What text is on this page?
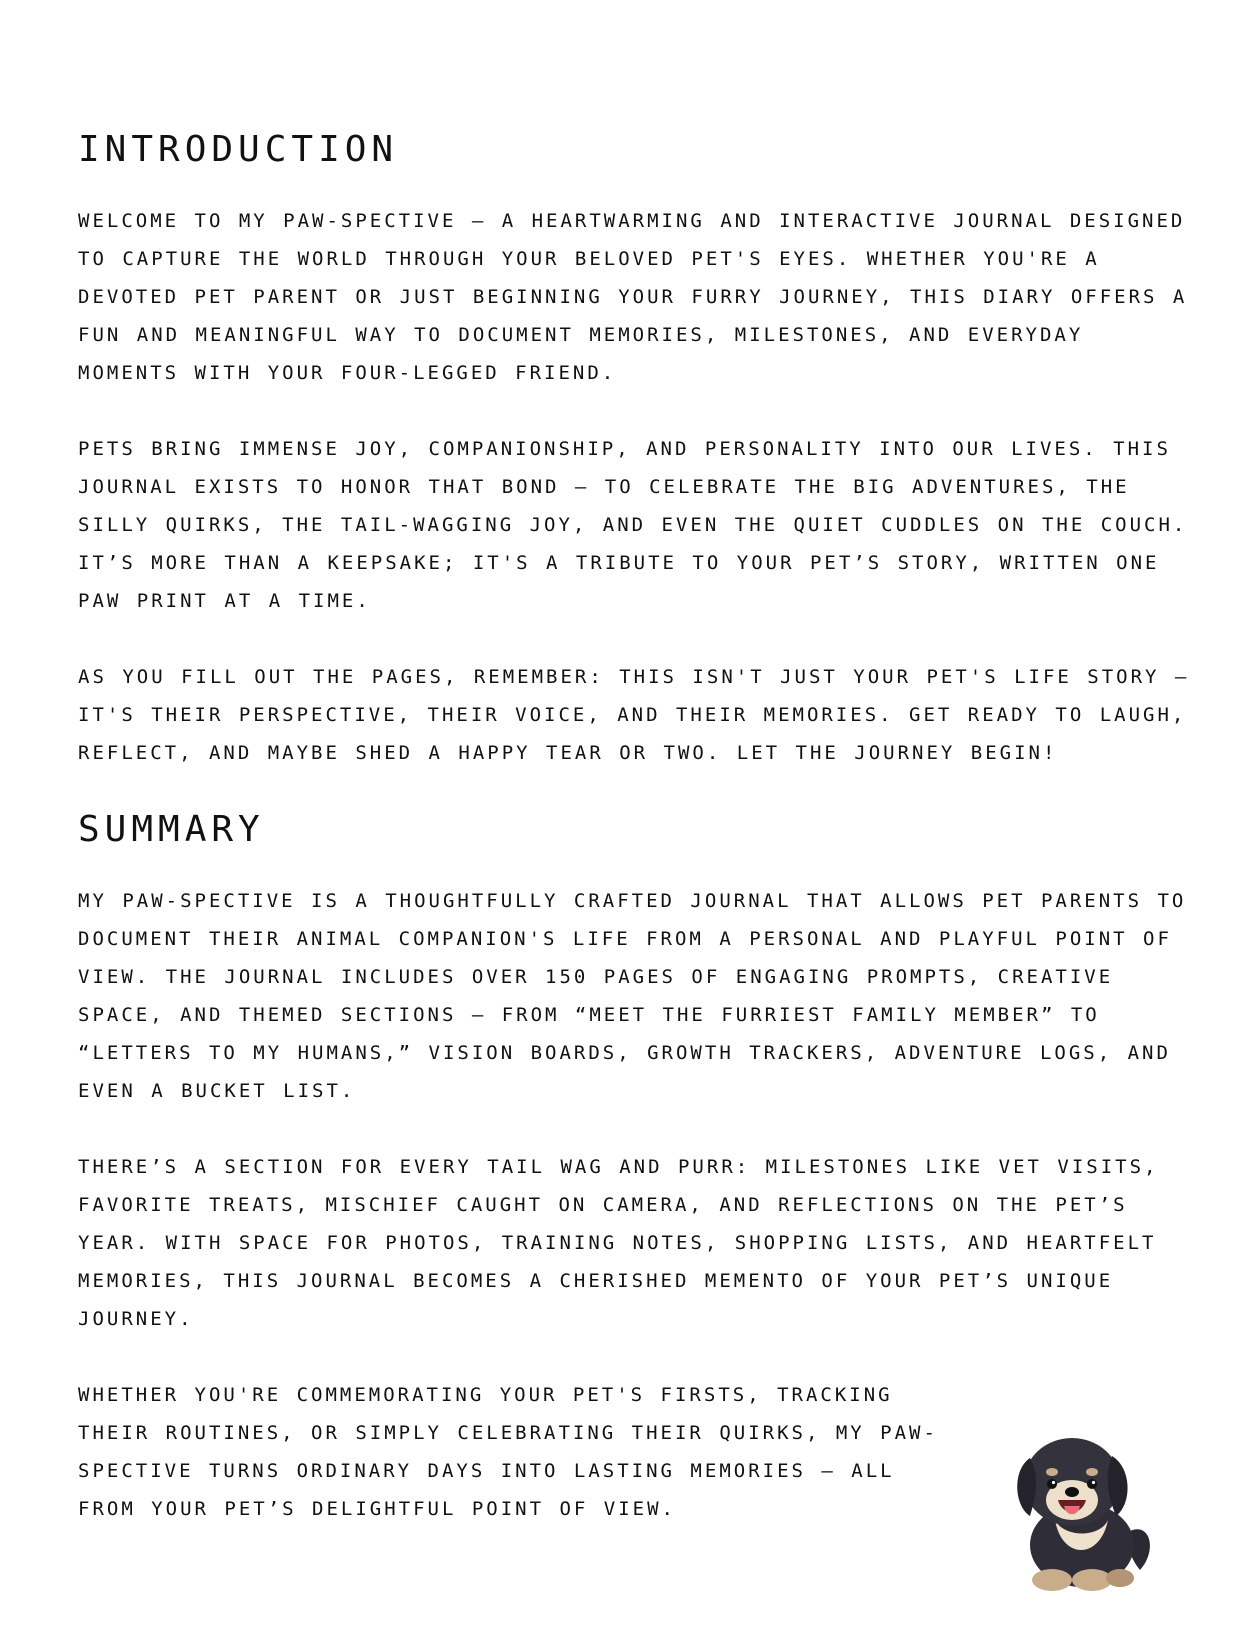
INTRODUCTION

WELCOME TO MY PAW-SPECTIVE — A HEARTWARMING AND INTERACTIVE JOURNAL DESIGNED TO CAPTURE THE WORLD THROUGH YOUR BELOVED PET'S EYES. WHETHER YOU'RE A DEVOTED PET PARENT OR JUST BEGINNING YOUR FURRY JOURNEY, THIS DIARY OFFERS A FUN AND MEANINGFUL WAY TO DOCUMENT MEMORIES, MILESTONES, AND EVERYDAY MOMENTS WITH YOUR FOUR-LEGGED FRIEND.

PETS BRING IMMENSE JOY, COMPANIONSHIP, AND PERSONALITY INTO OUR LIVES. THIS JOURNAL EXISTS TO HONOR THAT BOND — TO CELEBRATE THE BIG ADVENTURES, THE SILLY QUIRKS, THE TAIL-WAGGING JOY, AND EVEN THE QUIET CUDDLES ON THE COUCH. IT’S MORE THAN A KEEPSAKE; IT'S A TRIBUTE TO YOUR PET’S STORY, WRITTEN ONE PAW PRINT AT A TIME.

AS YOU FILL OUT THE PAGES, REMEMBER: THIS ISN'T JUST YOUR PET'S LIFE STORY — IT'S THEIR PERSPECTIVE, THEIR VOICE, AND THEIR MEMORIES. GET READY TO LAUGH, REFLECT, AND MAYBE SHED A HAPPY TEAR OR TWO. LET THE JOURNEY BEGIN!

SUMMARY

MY PAW-SPECTIVE IS A THOUGHTFULLY CRAFTED JOURNAL THAT ALLOWS PET PARENTS TO DOCUMENT THEIR ANIMAL COMPANION'S LIFE FROM A PERSONAL AND PLAYFUL POINT OF VIEW. THE JOURNAL INCLUDES OVER 150 PAGES OF ENGAGING PROMPTS, CREATIVE SPACE, AND THEMED SECTIONS — FROM “MEET THE FURRIEST FAMILY MEMBER” TO “LETTERS TO MY HUMANS,” VISION BOARDS, GROWTH TRACKERS, ADVENTURE LOGS, AND EVEN A BUCKET LIST.

THERE’S A SECTION FOR EVERY TAIL WAG AND PURR: MILESTONES LIKE VET VISITS, FAVORITE TREATS, MISCHIEF CAUGHT ON CAMERA, AND REFLECTIONS ON THE PET’S YEAR. WITH SPACE FOR PHOTOS, TRAINING NOTES, SHOPPING LISTS, AND HEARTFELT MEMORIES, THIS JOURNAL BECOMES A CHERISHED MEMENTO OF YOUR PET’S UNIQUE JOURNEY.

WHETHER YOU'RE COMMEMORATING YOUR PET'S FIRSTS, TRACKING THEIR ROUTINES, OR SIMPLY CELEBRATING THEIR QUIRKS, MY PAW-SPECTIVE TURNS ORDINARY DAYS INTO LASTING MEMORIES — ALL FROM YOUR PET’S DELIGHTFUL POINT OF VIEW.
